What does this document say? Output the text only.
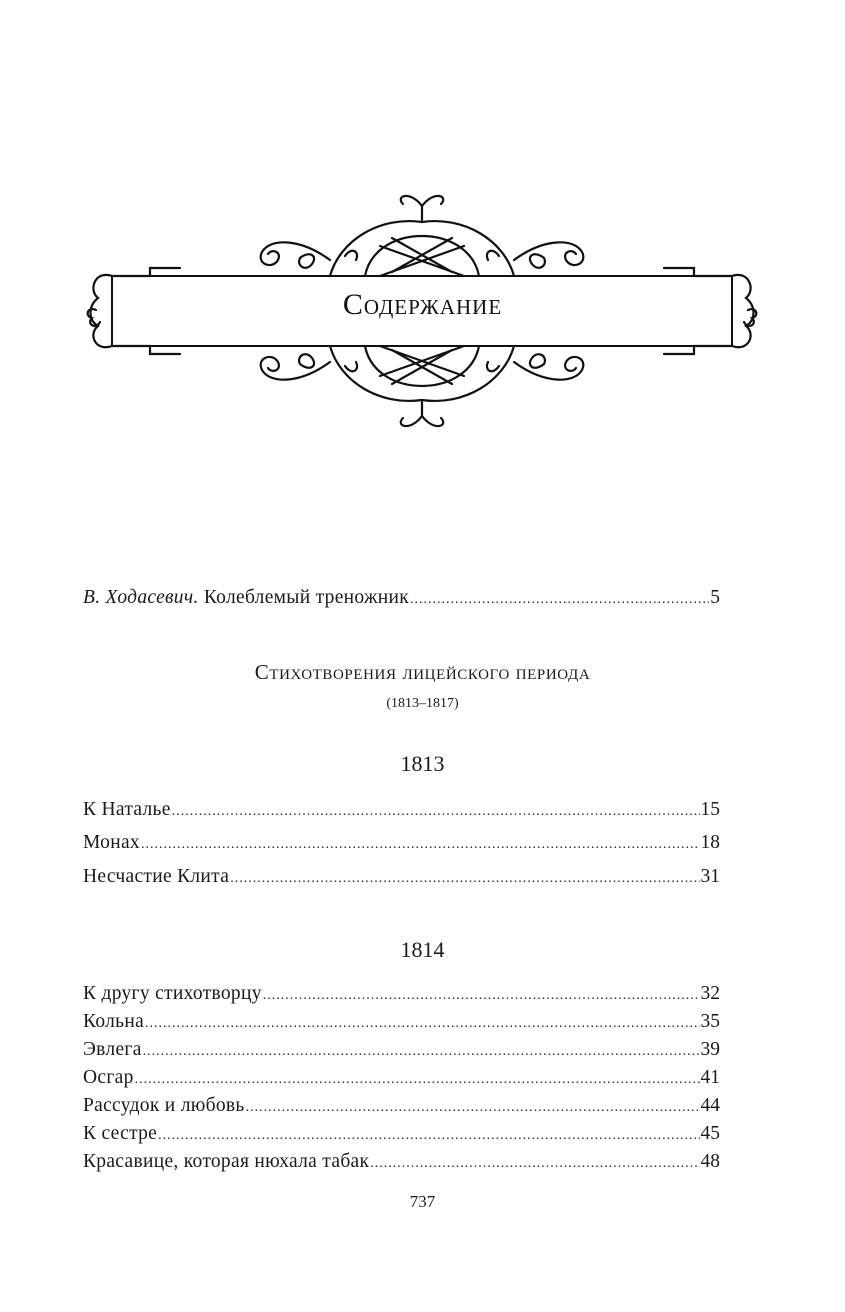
Содержание
В. Ходасевич. Колеблемый треножник .....	5
Стихотворения лицейского периода
(1813–1817)
1813
К Наталье .....	15
Монах .....	18
Несчастие Клита .....	31
1814
К другу стихотворцу .....	32
Кольна .....	35
Эвлега .....	39
Осгар .....	41
Рассудок и любовь .....	44
К сестре .....	45
Красавице, которая нюхала табак .....	48
737
